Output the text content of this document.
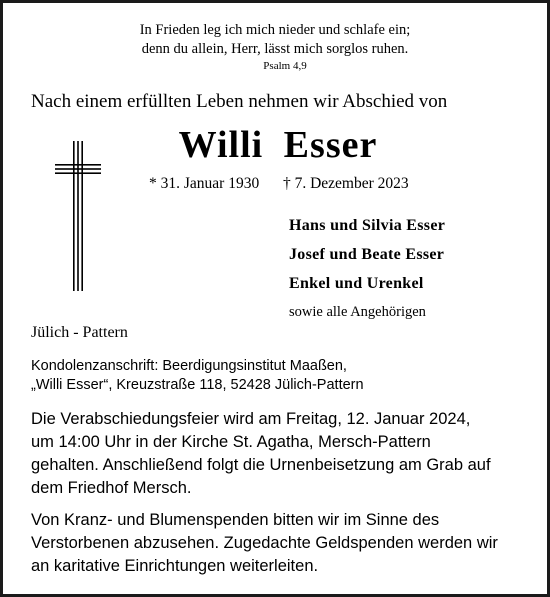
In Frieden leg ich mich nieder und schlafe ein;
denn du allein, Herr, lässt mich sorglos ruhen.
Psalm 4,9
Nach einem erfüllten Leben nehmen wir Abschied von
Willi Esser
* 31. Januar 1930 † 7. Dezember 2023
Hans und Silvia Esser
Josef und Beate Esser
Enkel und Urenkel
sowie alle Angehörigen
Jülich - Pattern
Kondolenzanschrift: Beerdigungsinstitut Maaßen,
„Willi Esser“, Kreuzstraße 118, 52428 Jülich-Pattern
Die Verabschiedungsfeier wird am Freitag, 12. Januar 2024,
um 14:00 Uhr in der Kirche St. Agatha, Mersch-Pattern
gehalten. Anschließend folgt die Urnenbeisetzung am Grab auf
dem Friedhof Mersch.
Von Kranz- und Blumenspenden bitten wir im Sinne des
Verstorbenen abzusehen. Zugedachte Geldspenden werden wir
an karitative Einrichtungen weiterleiten.
